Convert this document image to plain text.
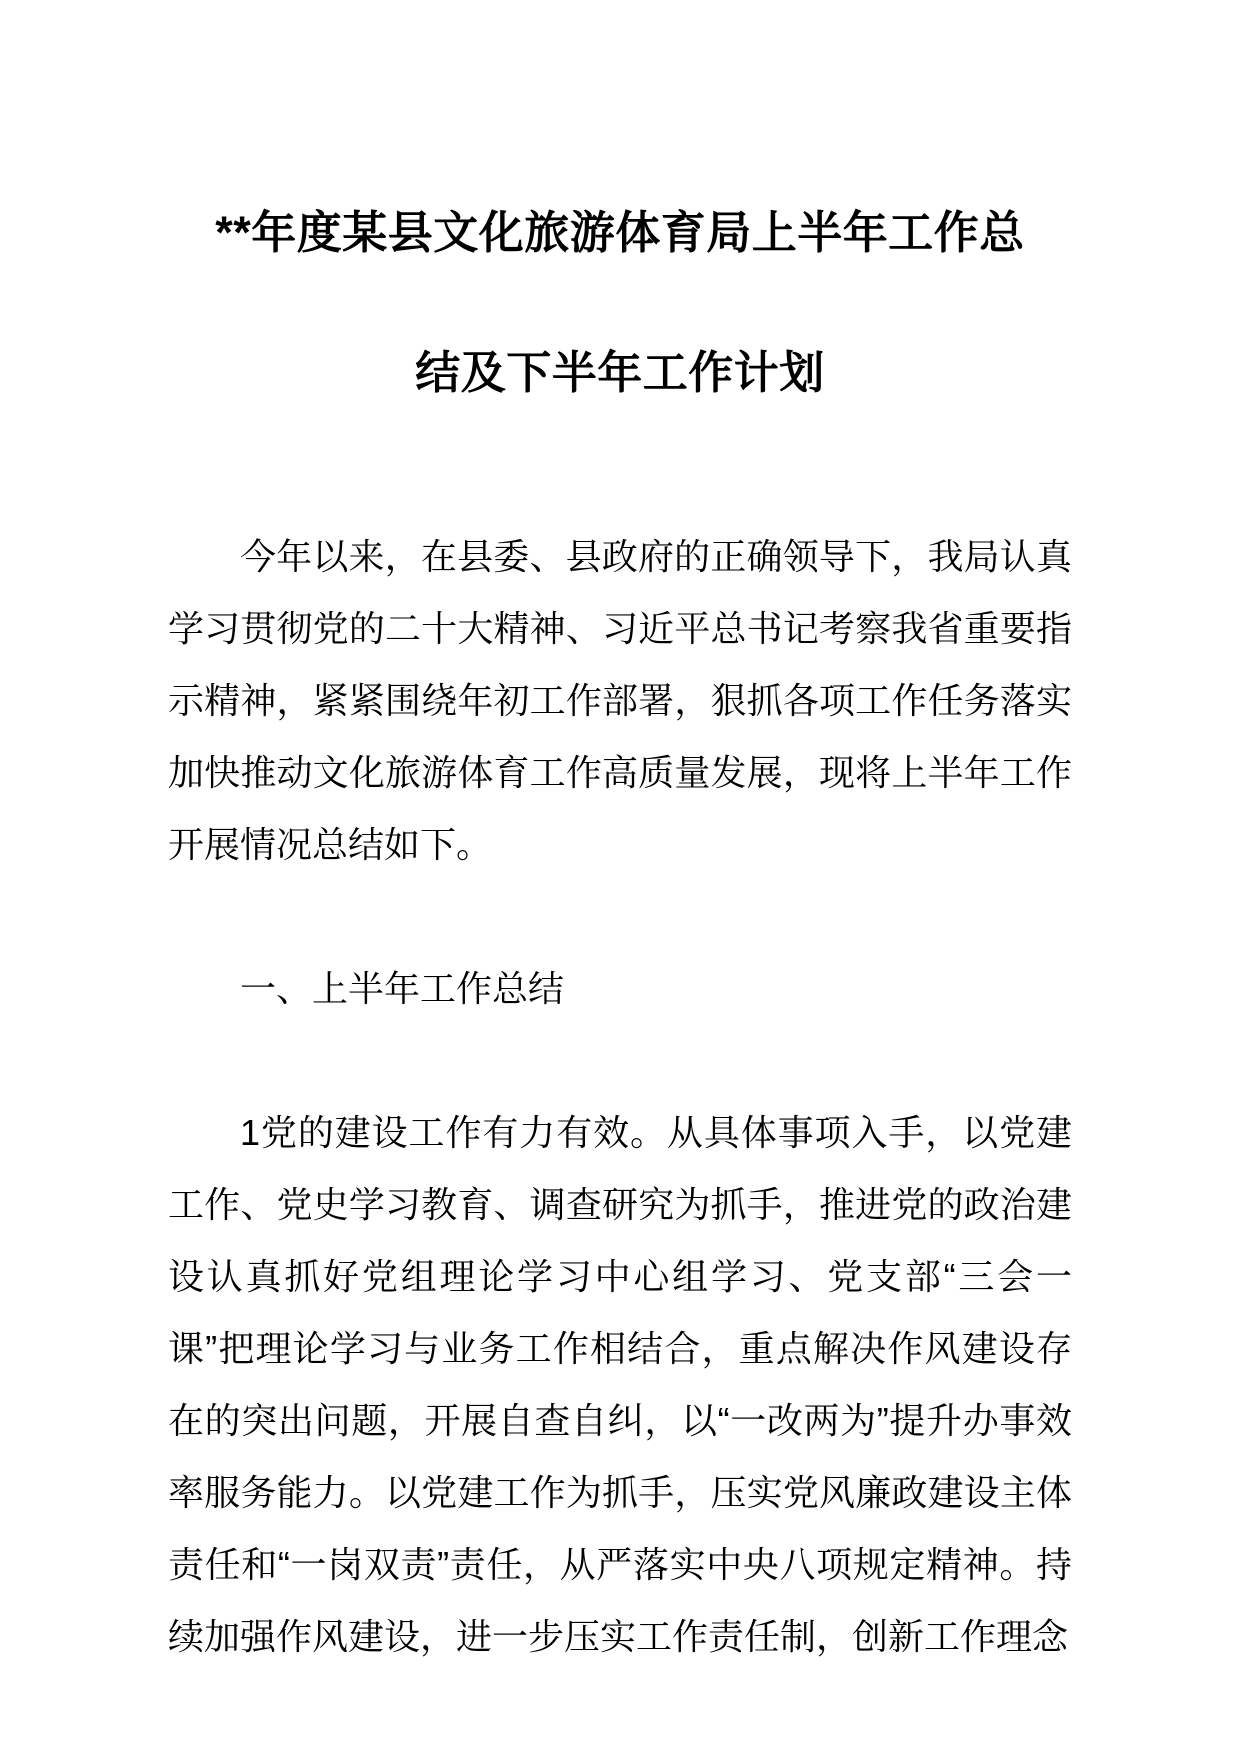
**年度某县文化旅游体育局上半年工作总
结及下半年工作计划

今年以来，在县委、县政府的正确领导下，我局认真学习贯彻党的二十大精神、习近平总书记考察我省重要指示精神，紧紧围绕年初工作部署，狠抓各项工作任务落实加快推动文化旅游体育工作高质量发展，现将上半年工作开展情况总结如下。

一、上半年工作总结

1党的建设工作有力有效。从具体事项入手，以党建工作、党史学习教育、调查研究为抓手，推进党的政治建设认真抓好党组理论学习中心组学习、党支部“三会一课”把理论学习与业务工作相结合，重点解决作风建设存在的突出问题，开展自查自纠，以“一改两为”提升办事效率服务能力。以党建工作为抓手，压实党风廉政建设主体责任和“一岗双责”责任，从严落实中央八项规定精神。持续加强作风建设，进一步压实工作责任制，创新工作理念
